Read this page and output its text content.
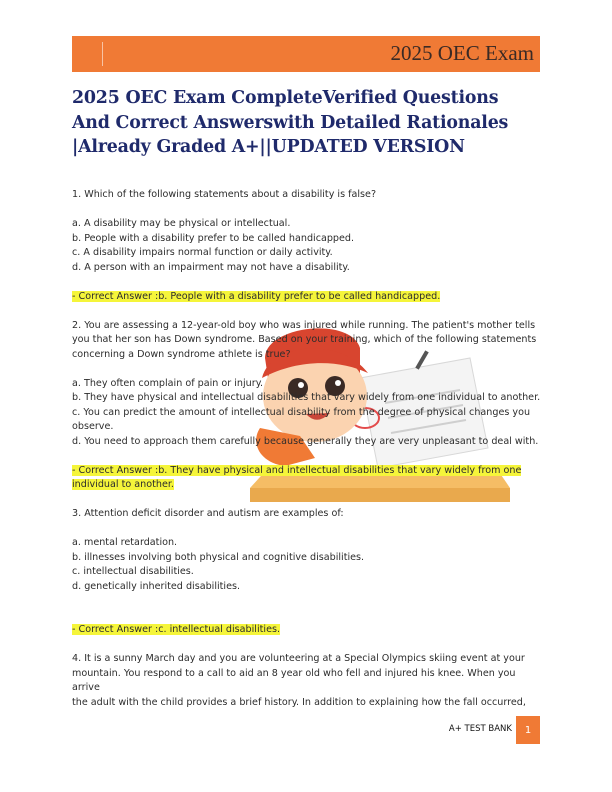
2025 OEC Exam
2025 OEC Exam CompleteVerified Questions
And Correct Answerswith Detailed Rationales
|Already Graded A+||UPDATED VERSION

1. Which of the following statements about a disability is false?

a. A disability may be physical or intellectual.

b. People with a disability prefer to be called handicapped.

c. A disability impairs normal function or daily activity.

d. A person with an impairment may not have a disability.

- Correct Answer :b. People with a disability prefer to be called handicapped.

2. You are assessing a 12-year-old boy who was injured while running. The patient's mother tells

you that her son has Down syndrome. Based on your training, which of the following statements

concerning a Down syndrome athlete is true?

a. They often complain of pain or injury.

b. They have physical and intellectual disabilities that vary widely from one individual to another.

c. You can predict the amount of intellectual disability from the degree of physical changes you

observe.

d. You need to approach them carefully because generally they are very unpleasant to deal with.

- Correct Answer :b. They have physical and intellectual disabilities that vary widely from one

individual to another.

3. Attention deficit disorder and autism are examples of:

a. mental retardation.

b. illnesses involving both physical and cognitive disabilities.

c. intellectual disabilities.

d. genetically inherited disabilities.

- Correct Answer :c. intellectual disabilities.

4. It is a sunny March day and you are volunteering at a Special Olympics skiing event at your

mountain. You respond to a call to aid an 8 year old who fell and injured his knee. When you arrive

the adult with the child provides a brief history. In addition to explaining how the fall occurred,

A+ TEST BANK	1
